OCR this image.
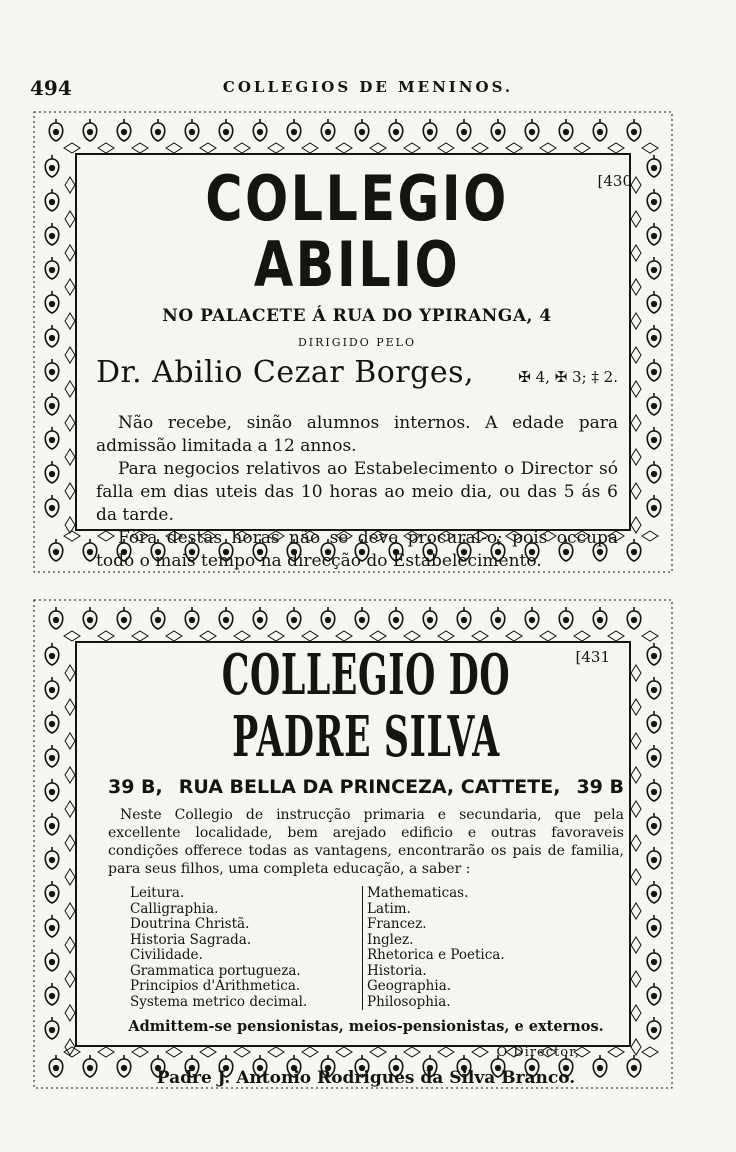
494	COLLEGIOS DE MENINOS.

COLLEGIO ABILIO

[430
NO PALACETE Á RUA DO YPIRANGA, 4
DIRIGIDO PELO
Dr. Abilio Cezar Borges,	✠ 4, ✠ 3; ‡ 2.

Não recebe, sinão alumnos internos. A edade para admissão limitada a 12 annos.

Para negocios relativos ao Estabelecimento o Director só falla em dias uteis das 10 horas ao meio dia, ou das 5 ás 6 da tarde.

Fóra destas horas não se deve procural-o; pois occupa todo o mais tempo na direcção do Estabelecimento.

COLLEGIO DO PADRE SILVA

[431
39 B, RUA BELLA DA PRINCEZA, CATTETE, 39 B
Neste Collegio de instrucção primaria e secundaria, que pela excellente localidade, bem arejado edificio e outras favoraveis condições offerece todas as vantagens, encontrarão os pais de familia, para seus filhos, uma completa educação, a saber :
Leitura.
Calligraphia.
Doutrina Christã.
Historia Sagrada.
Civilidade.
Grammatica portugueza.
Principios d'Arithmetica.
Systema metrico decimal.
Mathematicas.
Latim.
Francez.
Inglez.
Rhetorica e Poetica.
Historia.
Geographia.
Philosophia.
Admittem-se pensionistas, meios-pensionistas, e externos.
O Director,
Padre J. Antonio Rodrigues da Silva Branco.
